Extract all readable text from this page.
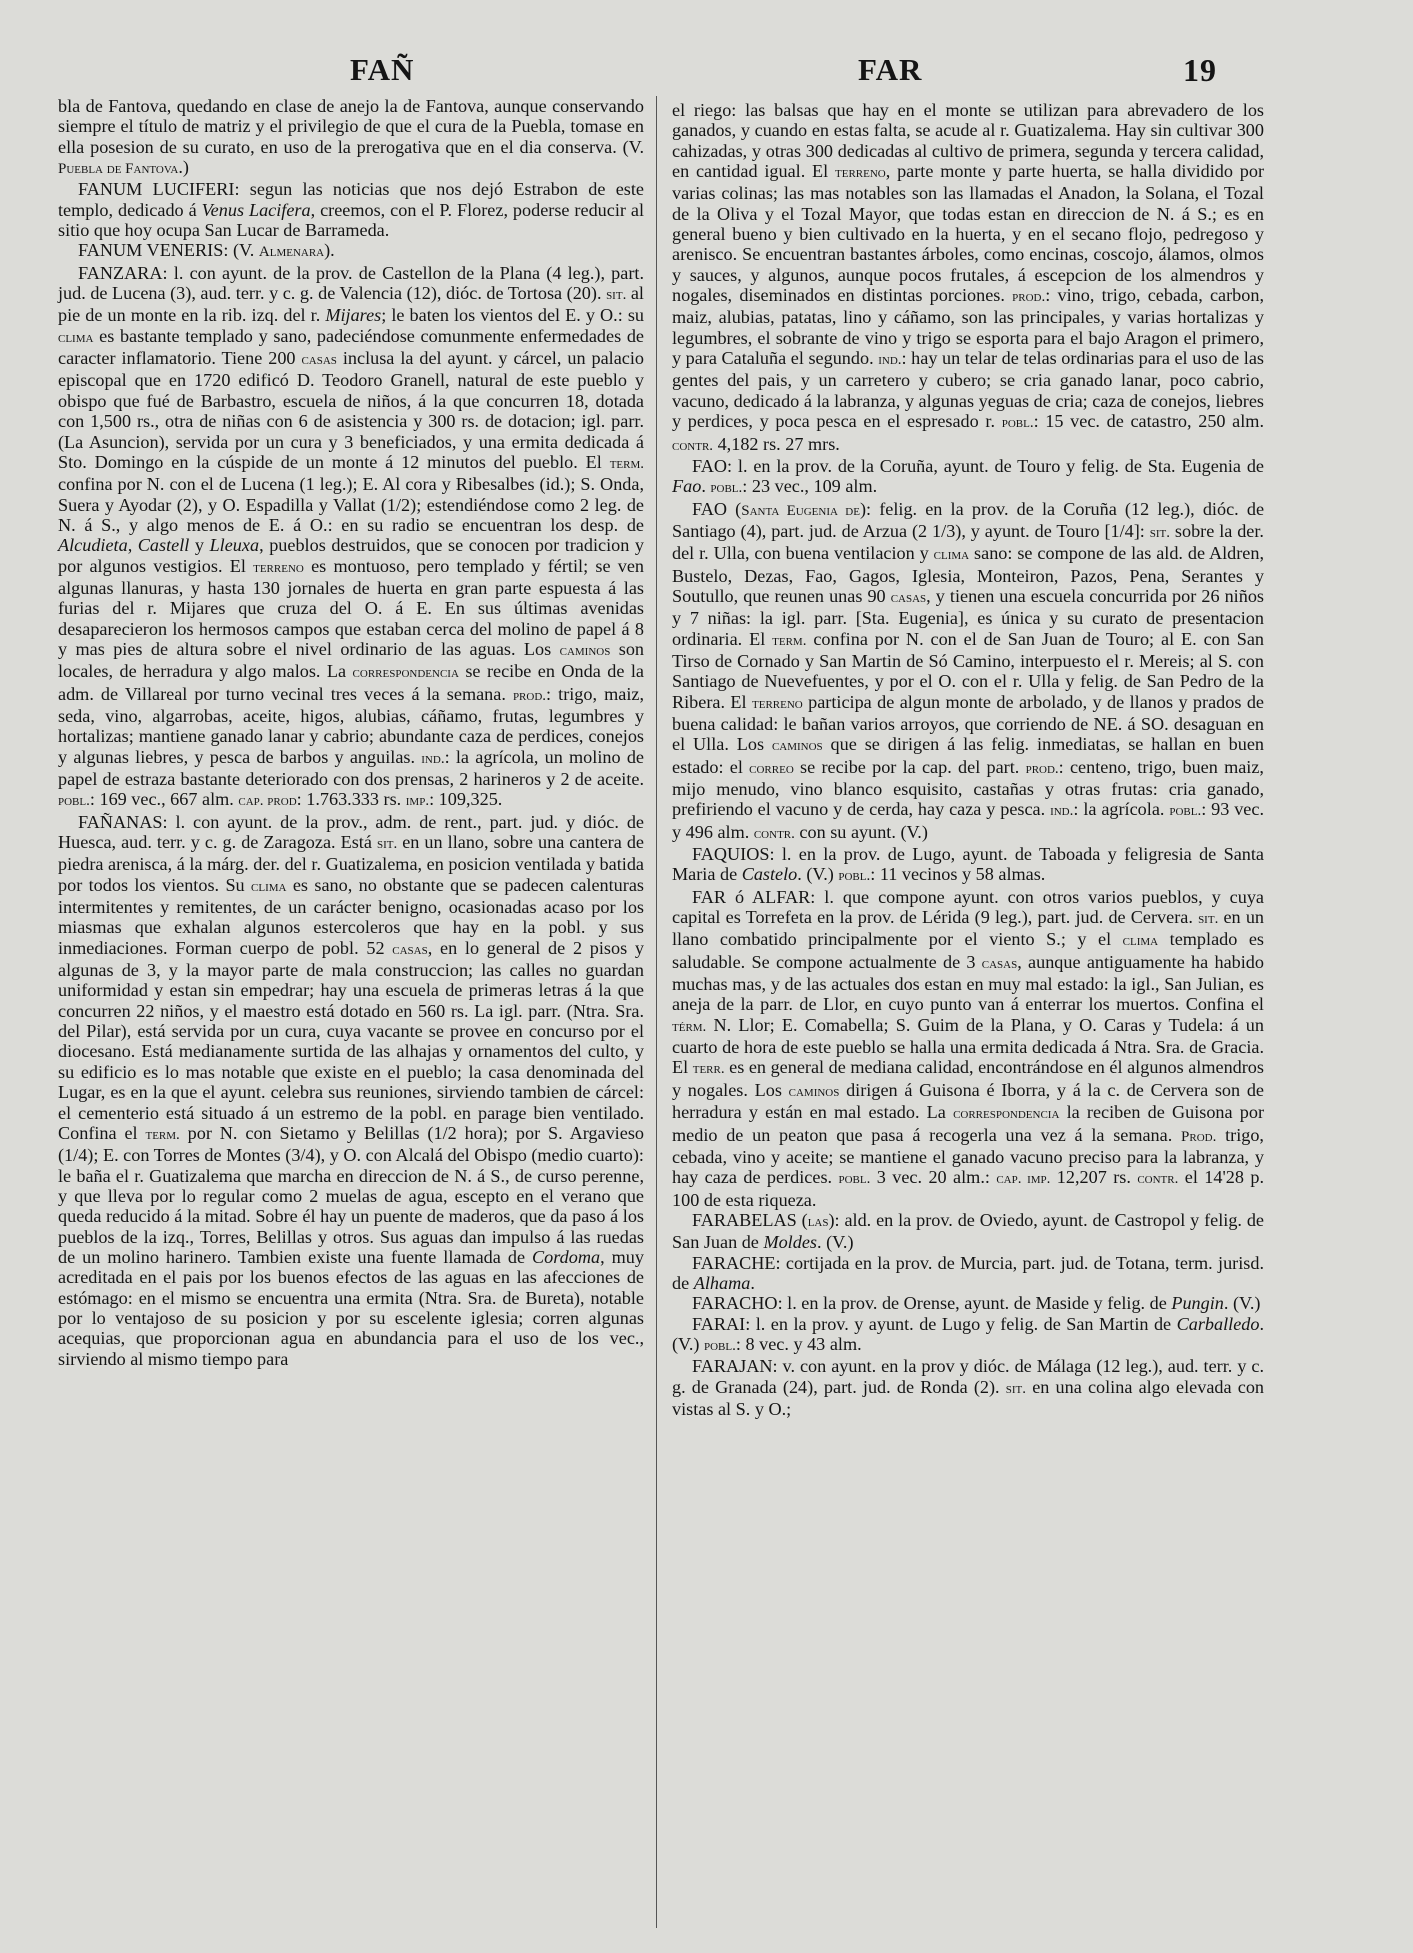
FAÑ	FAR	19

bla de Fantova, quedando en clase de anejo la de Fantova, aunque conservando siempre el título de matriz y el privilegio de que el cura de la Puebla, tomase en ella posesion de su curato, en uso de la prerogativa que en el dia conserva. (V. Puebla de Fantova.)

FANUM LUCIFERI: segun las noticias que nos dejó Estrabon de este templo, dedicado á Venus Lacifera, creemos, con el P. Florez, poderse reducir al sitio que hoy ocupa San Lucar de Barrameda.

FANUM VENERIS: (V. Almenara).

FANZARA: l. con ayunt. de la prov. de Castellon de la Plana (4 leg.), part. jud. de Lucena (3), aud. terr. y c. g. de Valencia (12), dióc. de Tortosa (20). sit. al pie de un monte en la rib. izq. del r. Mijares; le baten los vientos del E. y O.: su clima es bastante templado y sano, padeciéndose comunmente enfermedades de caracter inflamatorio. Tiene 200 casas inclusa la del ayunt. y cárcel, un palacio episcopal que en 1720 edificó D. Teodoro Granell, natural de este pueblo y obispo que fué de Barbastro, escuela de niños, á la que concurren 18, dotada con 1,500 rs., otra de niñas con 6 de asistencia y 300 rs. de dotacion; igl. parr. (La Asuncion), servida por un cura y 3 beneficiados, y una ermita dedicada á Sto. Domingo en la cúspide de un monte á 12 minutos del pueblo. El term. confina por N. con el de Lucena (1 leg.); E. Al cora y Ribesalbes (id.); S. Onda, Suera y Ayodar (2), y O. Espadilla y Vallat (1/2); estendiéndose como 2 leg. de N. á S., y algo menos de E. á O.: en su radio se encuentran los desp. de Alcudieta, Castell y Lleuxa, pueblos destruidos, que se conocen por tradicion y por algunos vestigios. El terreno es montuoso, pero templado y fértil; se ven algunas llanuras, y hasta 130 jornales de huerta en gran parte espuesta á las furias del r. Mijares que cruza del O. á E. En sus últimas avenidas desaparecieron los hermosos campos que estaban cerca del molino de papel á 8 y mas pies de altura sobre el nivel ordinario de las aguas. Los caminos son locales, de herradura y algo malos. La correspondencia se recibe en Onda de la adm. de Villareal por turno vecinal tres veces á la semana. prod.: trigo, maiz, seda, vino, algarrobas, aceite, higos, alubias, cáñamo, frutas, legumbres y hortalizas; mantiene ganado lanar y cabrio; abundante caza de perdices, conejos y algunas liebres, y pesca de barbos y anguilas. ind.: la agrícola, un molino de papel de estraza bastante deteriorado con dos prensas, 2 harineros y 2 de aceite. pobl.: 169 vec., 667 alm. cap. prod: 1.763.333 rs. imp.: 109,325.

FAÑANAS: l. con ayunt. de la prov., adm. de rent., part. jud. y dióc. de Huesca, aud. terr. y c. g. de Zaragoza. Está sit. en un llano, sobre una cantera de piedra arenisca, á la márg. der. del r. Guatizalema, en posicion ventilada y batida por todos los vientos. Su clima es sano, no obstante que se padecen calenturas intermitentes y remitentes, de un carácter benigno, ocasionadas acaso por los miasmas que exhalan algunos estercoleros que hay en la pobl. y sus inmediaciones. Forman cuerpo de pobl. 52 casas, en lo general de 2 pisos y algunas de 3, y la mayor parte de mala construccion; las calles no guardan uniformidad y estan sin empedrar; hay una escuela de primeras letras á la que concurren 22 niños, y el maestro está dotado en 560 rs. La igl. parr. (Ntra. Sra. del Pilar), está servida por un cura, cuya vacante se provee en concurso por el diocesano. Está medianamente surtida de las alhajas y ornamentos del culto, y su edificio es lo mas notable que existe en el pueblo; la casa denominada del Lugar, es en la que el ayunt. celebra sus reuniones, sirviendo tambien de cárcel: el cementerio está situado á un estremo de la pobl. en parage bien ventilado. Confina el term. por N. con Sietamo y Belillas (1/2 hora); por S. Argavieso (1/4); E. con Torres de Montes (3/4), y O. con Alcalá del Obispo (medio cuarto): le baña el r. Guatizalema que marcha en direccion de N. á S., de curso perenne, y que lleva por lo regular como 2 muelas de agua, escepto en el verano que queda reducido á la mitad. Sobre él hay un puente de maderos, que da paso á los pueblos de la izq., Torres, Belillas y otros. Sus aguas dan impulso á las ruedas de un molino harinero. Tambien existe una fuente llamada de Cordoma, muy acreditada en el pais por los buenos efectos de las aguas en las afecciones de estómago: en el mismo se encuentra una ermita (Ntra. Sra. de Bureta), notable por lo ventajoso de su posicion y por su escelente iglesia; corren algunas acequias, que proporcionan agua en abundancia para el uso de los vec., sirviendo al mismo tiempo para

el riego: las balsas que hay en el monte se utilizan para abrevadero de los ganados, y cuando en estas falta, se acude al r. Guatizalema. Hay sin cultivar 300 cahizadas, y otras 300 dedicadas al cultivo de primera, segunda y tercera calidad, en cantidad igual. El terreno, parte monte y parte huerta, se halla dividido por varias colinas; las mas notables son las llamadas el Anadon, la Solana, el Tozal de la Oliva y el Tozal Mayor, que todas estan en direccion de N. á S.; es en general bueno y bien cultivado en la huerta, y en el secano flojo, pedregoso y arenisco. Se encuentran bastantes árboles, como encinas, coscojo, álamos, olmos y sauces, y algunos, aunque pocos frutales, á escepcion de los almendros y nogales, diseminados en distintas porciones. prod.: vino, trigo, cebada, carbon, maiz, alubias, patatas, lino y cáñamo, son las principales, y varias hortalizas y legumbres, el sobrante de vino y trigo se esporta para el bajo Aragon el primero, y para Cataluña el segundo. ind.: hay un telar de telas ordinarias para el uso de las gentes del pais, y un carretero y cubero; se cria ganado lanar, poco cabrio, vacuno, dedicado á la labranza, y algunas yeguas de cria; caza de conejos, liebres y perdices, y poca pesca en el espresado r. pobl.: 15 vec. de catastro, 250 alm. contr. 4,182 rs. 27 mrs.

FAO: l. en la prov. de la Coruña, ayunt. de Touro y felig. de Sta. Eugenia de Fao. pobl.: 23 vec., 109 alm.

FAO (Santa Eugenia de): felig. en la prov. de la Coruña (12 leg.), dióc. de Santiago (4), part. jud. de Arzua (2 1/3), y ayunt. de Touro [1/4]: sit. sobre la der. del r. Ulla, con buena ventilacion y clima sano: se compone de las ald. de Aldren, Bustelo, Dezas, Fao, Gagos, Iglesia, Monteiron, Pazos, Pena, Serantes y Soutullo, que reunen unas 90 casas, y tienen una escuela concurrida por 26 niños y 7 niñas: la igl. parr. [Sta. Eugenia], es única y su curato de presentacion ordinaria. El term. confina por N. con el de San Juan de Touro; al E. con San Tirso de Cornado y San Martin de Só Camino, interpuesto el r. Mereis; al S. con Santiago de Nuevefuentes, y por el O. con el r. Ulla y felig. de San Pedro de la Ribera. El terreno participa de algun monte de arbolado, y de llanos y prados de buena calidad: le bañan varios arroyos, que corriendo de NE. á SO. desaguan en el Ulla. Los caminos que se dirigen á las felig. inmediatas, se hallan en buen estado: el correo se recibe por la cap. del part. prod.: centeno, trigo, buen maiz, mijo menudo, vino blanco esquisito, castañas y otras frutas: cria ganado, prefiriendo el vacuno y de cerda, hay caza y pesca. ind.: la agrícola. pobl.: 93 vec. y 496 alm. contr. con su ayunt. (V.)

FAQUIOS: l. en la prov. de Lugo, ayunt. de Taboada y feligresia de Santa Maria de Castelo. (V.) pobl.: 11 vecinos y 58 almas.

FAR ó ALFAR: l. que compone ayunt. con otros varios pueblos, y cuya capital es Torrefeta en la prov. de Lérida (9 leg.), part. jud. de Cervera. sit. en un llano combatido principalmente por el viento S.; y el clima templado es saludable. Se compone actualmente de 3 casas, aunque antiguamente ha habido muchas mas, y de las actuales dos estan en muy mal estado: la igl., San Julian, es aneja de la parr. de Llor, en cuyo punto van á enterrar los muertos. Confina el térm. N. Llor; E. Comabella; S. Guim de la Plana, y O. Caras y Tudela: á un cuarto de hora de este pueblo se halla una ermita dedicada á Ntra. Sra. de Gracia. El terr. es en general de mediana calidad, encontrándose en él algunos almendros y nogales. Los caminos dirigen á Guisona é Iborra, y á la c. de Cervera son de herradura y están en mal estado. La correspondencia la reciben de Guisona por medio de un peaton que pasa á recogerla una vez á la semana. Prod. trigo, cebada, vino y aceite; se mantiene el ganado vacuno preciso para la labranza, y hay caza de perdices. pobl. 3 vec. 20 alm.: cap. imp. 12,207 rs. contr. el 14'28 p. 100 de esta riqueza.

FARABELAS (las): ald. en la prov. de Oviedo, ayunt. de Castropol y felig. de San Juan de Moldes. (V.)

FARACHE: cortijada en la prov. de Murcia, part. jud. de Totana, term. jurisd. de Alhama.

FARACHO: l. en la prov. de Orense, ayunt. de Maside y felig. de Pungin. (V.)

FARAI: l. en la prov. y ayunt. de Lugo y felig. de San Martin de Carballedo. (V.) pobl.: 8 vec. y 43 alm.

FARAJAN: v. con ayunt. en la prov y dióc. de Málaga (12 leg.), aud. terr. y c. g. de Granada (24), part. jud. de Ronda (2). sit. en una colina algo elevada con vistas al S. y O.;
